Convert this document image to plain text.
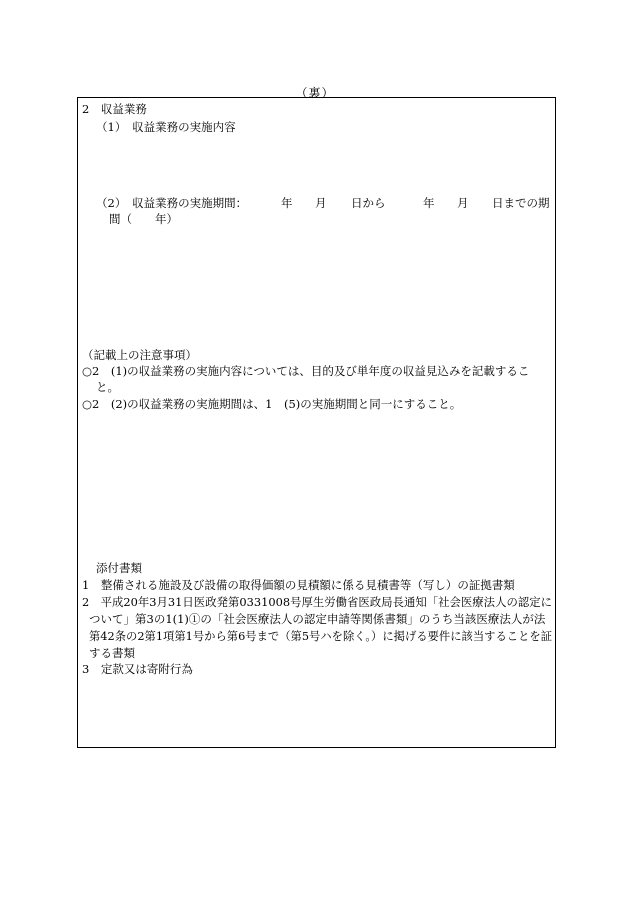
（裏）
2　収益業務
（1）　収益業務の実施内容
（2）　収益業務の実施期間：	年 月 日から	年 月 日までの期
間（　　年）
（記載上の注意事項）
○2　(1)の収益業務の実施内容については、目的及び単年度の収益見込みを記載するこ
と。
○2　(2)の収益業務の実施期間は、1　(5)の実施期間と同一にすること。
添付書類
1　整備される施設及び設備の取得価額の見積額に係る見積書等（写し）の証拠書類
2　平成20年3月31日医政発第0331008号厚生労働省医政局長通知「社会医療法人の認定に
ついて」第3の1(1)①の「社会医療法人の認定申請等関係書類」のうち当該医療法人が法
第42条の2第1項第1号から第6号まで（第5号ハを除く。）に掲げる要件に該当することを証
する書類
3　定款又は寄附行為
